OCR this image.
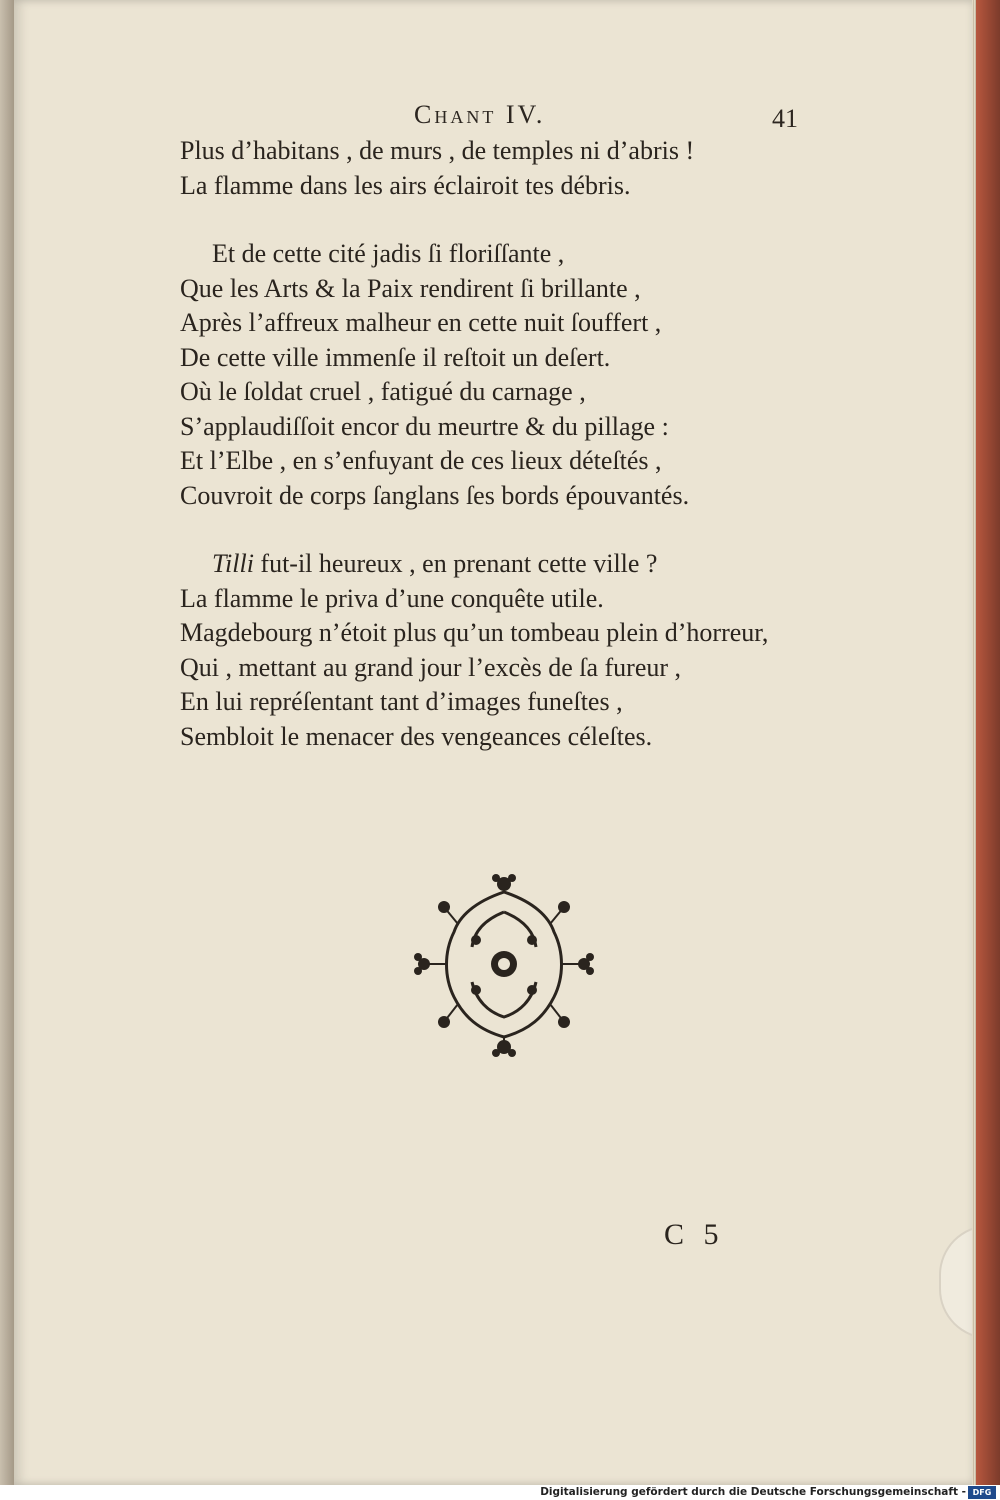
Chant IV.	41
Plus d’habitans , de murs , de temples ni d’abris !
La flamme dans les airs éclairoit tes débris.
Et de cette cité jadis ſi floriſſante ,
Que les Arts & la Paix rendirent ſi brillante ,
Après l’affreux malheur en cette nuit ſouffert ,
De cette ville immenſe il reſtoit un deſert.
Où le ſoldat cruel , fatigué du carnage ,
S’applaudiſſoit encor du meurtre & du pillage :
Et l’Elbe , en s’enfuyant de ces lieux déteſtés ,
Couvroit de corps ſanglans ſes bords épouvantés.
Tilli fut-il heureux , en prenant cette ville ?
La flamme le priva d’une conquête utile.
Magdebourg n’étoit plus qu’un tombeau plein d’horreur,
Qui , mettant au grand jour l’excès de ſa fureur ,
En lui repréſentant tant d’images funeſtes ,
Sembloit le menacer des vengeances céleſtes.
C 5
Digitalisierung gefördert durch die Deutsche Forschungsgemeinschaft - DFG
